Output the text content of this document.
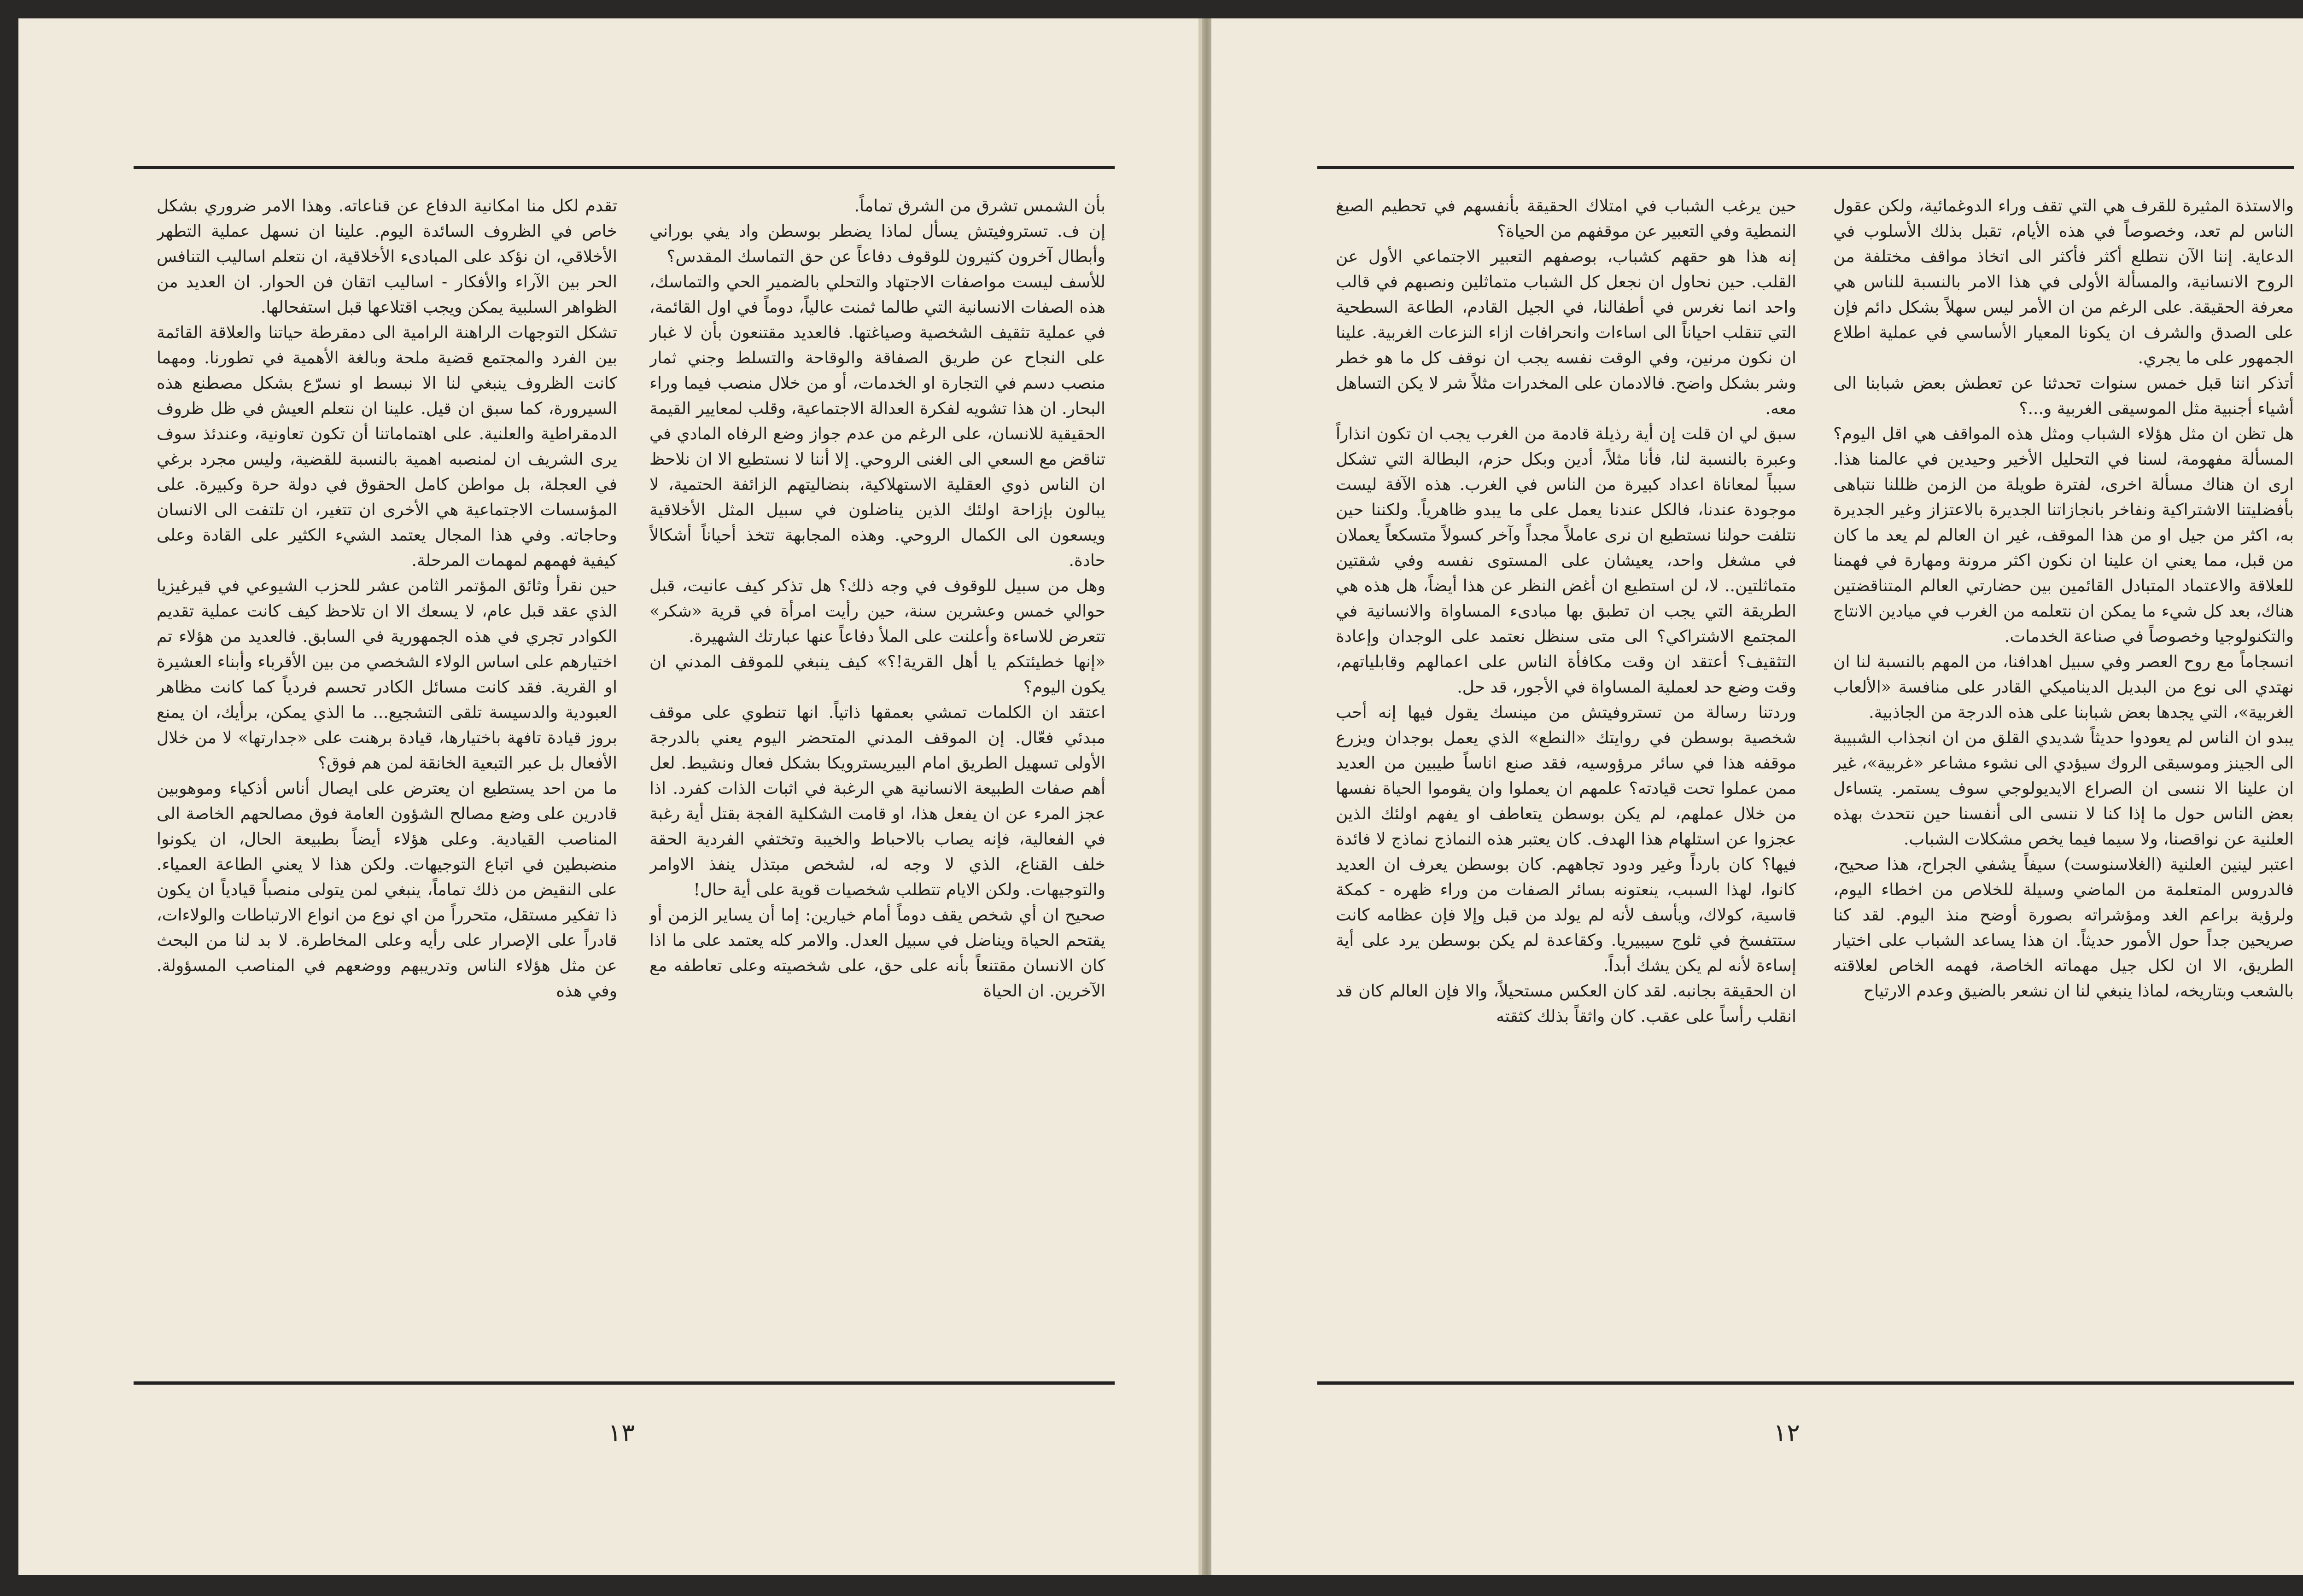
تقدم لكل منا امكانية الدفاع عن قناعاته. وهذا الامر ضروري بشكل خاص في الظروف السائدة اليوم. علينا ان نسهل عملية التطهر الأخلاقي، ان نؤكد على المبادىء الأخلاقية، ان نتعلم اساليب التنافس الحر بين الآراء والأفكار - اساليب اتقان فن الحوار. ان العديد من الظواهر السلبية يمكن ويجب اقتلاعها قبل استفحالها.

تشكل التوجهات الراهنة الرامية الى دمقرطة حياتنا والعلاقة القائمة بين الفرد والمجتمع قضية ملحة وبالغة الأهمية في تطورنا. ومهما كانت الظروف ينبغي لنا الا نبسط او نسرّع بشكل مصطنع هذه السيرورة، كما سبق ان قيل. علينا ان نتعلم العيش في ظل ظروف الدمقراطية والعلنية. على اهتماماتنا أن تكون تعاونية، وعندئذ سوف يرى الشريف ان لمنصبه اهمية بالنسبة للقضية، وليس مجرد برغي في العجلة، بل مواطن كامل الحقوق في دولة حرة وكبيرة. على المؤسسات الاجتماعية هي الأخرى ان تتغير، ان تلتفت الى الانسان وحاجاته. وفي هذا المجال يعتمد الشيء الكثير على القادة وعلى كيفية فهمهم لمهمات المرحلة.

حين نقرأ وثائق المؤتمر الثامن عشر للحزب الشيوعي في قيرغيزيا الذي عقد قبل عام، لا يسعك الا ان تلاحظ كيف كانت عملية تقديم الكوادر تجري في هذه الجمهورية في السابق. فالعديد من هؤلاء تم اختيارهم على اساس الولاء الشخصي من بين الأقرباء وأبناء العشيرة او القرية. فقد كانت مسائل الكادر تحسم فردياً كما كانت مظاهر العبودية والدسيسة تلقى التشجيع... ما الذي يمكن، برأيك، ان يمنع بروز قيادة تافهة باختيارها، قيادة برهنت على «جدارتها» لا من خلال الأفعال بل عبر التبعية الخانقة لمن هم فوق؟

ما من احد يستطيع ان يعترض على ايصال أناس أذكياء وموهوبين قادرين على وضع مصالح الشؤون العامة فوق مصالحهم الخاصة الى المناصب القيادية. وعلى هؤلاء أيضاً بطبيعة الحال، ان يكونوا منضبطين في اتباع التوجيهات. ولكن هذا لا يعني الطاعة العمياء. على النقيض من ذلك تماماً، ينبغي لمن يتولى منصباً قيادياً ان يكون ذا تفكير مستقل، متحرراً من اي نوع من انواع الارتباطات والولاءات، قادراً على الإصرار على رأيه وعلى المخاطرة. لا بد لنا من البحث عن مثل هؤلاء الناس وتدريبهم ووضعهم في المناصب المسؤولة. وفي هذه

بأن الشمس تشرق من الشرق تماماً.

إن ف. تستروفيتش يسأل لماذا يضطر بوسطن واد يفي بوراني وأبطال آخرون كثيرون للوقوف دفاعاً عن حق التماسك المقدس؟

للأسف ليست مواصفات الاجتهاد والتحلي بالضمير الحي والتماسك، هذه الصفات الانسانية التي طالما ثمنت عالياً، دوماً في اول القائمة، في عملية تثقيف الشخصية وصياغتها. فالعديد مقتنعون بأن لا غبار على النجاح عن طريق الصفاقة والوقاحة والتسلط وجني ثمار منصب دسم في التجارة او الخدمات، أو من خلال منصب فيما وراء البحار. ان هذا تشويه لفكرة العدالة الاجتماعية، وقلب لمعايير القيمة الحقيقية للانسان، على الرغم من عدم جواز وضع الرفاه المادي في تناقض مع السعي الى الغنى الروحي. إلا أننا لا نستطيع الا ان نلاحظ ان الناس ذوي العقلية الاستهلاكية، بنضاليتهم الزائفة الحتمية، لا يبالون بإزاحة اولئك الذين يناضلون في سبيل المثل الأخلاقية ويسعون الى الكمال الروحي. وهذه المجابهة تتخذ أحياناً أشكالاً حادة.

وهل من سبيل للوقوف في وجه ذلك؟ هل تذكر كيف عانيت، قبل حوالي خمس وعشرين سنة، حين رأيت امرأة في قرية «شكر» تتعرض للاساءة وأعلنت على الملأ دفاعاً عنها عبارتك الشهيرة.

«إنها خطيئتكم يا أهل القرية!؟» كيف ينبغي للموقف المدني ان يكون اليوم؟

اعتقد ان الكلمات تمشي بعمقها ذاتياً. انها تنطوي على موقف مبدئي فعّال. إن الموقف المدني المتحضر اليوم يعني بالدرجة الأولى تسهيل الطريق امام البيريسترويكا بشكل فعال ونشيط. لعل أهم صفات الطبيعة الانسانية هي الرغبة في اثبات الذات كفرد. اذا عجز المرء عن ان يفعل هذا، او قامت الشكلية الفجة بقتل أية رغبة في الفعالية، فإنه يصاب بالاحباط والخيبة وتختفي الفردية الحقة خلف القناع، الذي لا وجه له، لشخص مبتذل ينفذ الاوامر والتوجيهات. ولكن الايام تتطلب شخصيات قوية على أية حال!

صحيح ان أي شخص يقف دوماً أمام خيارين: إما أن يساير الزمن أو يقتحم الحياة ويناضل في سبيل العدل. والامر كله يعتمد على ما اذا كان الانسان مقتنعاً بأنه على حق، على شخصيته وعلى تعاطفه مع الآخرين. ان الحياة

١٣

والاستذة المثيرة للقرف هي التي تقف وراء الدوغمائية، ولكن عقول الناس لم تعد، وخصوصاً في هذه الأيام، تقبل بذلك الأسلوب في الدعاية. إننا الآن نتطلع أكثر فأكثر الى اتخاذ مواقف مختلفة من الروح الانسانية، والمسألة الأولى في هذا الامر بالنسبة للناس هي معرفة الحقيقة. على الرغم من ان الأمر ليس سهلاً بشكل دائم فإن على الصدق والشرف ان يكونا المعيار الأساسي في عملية اطلاع الجمهور على ما يجري.

أتذكر اننا قبل خمس سنوات تحدثنا عن تعطش بعض شبابنا الى أشياء أجنبية مثل الموسيقى الغربية و...؟

هل تظن ان مثل هؤلاء الشباب ومثل هذه المواقف هي اقل اليوم؟ المسألة مفهومة، لسنا في التحليل الأخير وحيدين في عالمنا هذا. ارى ان هناك مسألة اخرى، لفترة طويلة من الزمن ظللنا نتباهى بأفضليتنا الاشتراكية ونفاخر بانجازاتنا الجديرة بالاعتزاز وغير الجديرة به، اكثر من جيل او من هذا الموقف، غير ان العالم لم يعد ما كان من قبل، مما يعني ان علينا ان نكون اكثر مرونة ومهارة في فهمنا للعلاقة والاعتماد المتبادل القائمين بين حضارتي العالم المتناقضتين هناك، بعد كل شيء ما يمكن ان نتعلمه من الغرب في ميادين الانتاج والتكنولوجيا وخصوصاً في صناعة الخدمات.

انسجاماً مع روح العصر وفي سبيل اهدافنا، من المهم بالنسبة لنا ان نهتدي الى نوع من البديل الديناميكي القادر على منافسة «الألعاب الغربية»، التي يجدها بعض شبابنا على هذه الدرجة من الجاذبية.

يبدو ان الناس لم يعودوا حديثاً شديدي القلق من ان انجذاب الشبيبة الى الجينز وموسيقى الروك سيؤدي الى نشوء مشاعر «غربية»، غير ان علينا الا ننسى ان الصراع الايديولوجي سوف يستمر. يتساءل بعض الناس حول ما إذا كنا لا ننسى الى أنفسنا حين نتحدث بهذه العلنية عن نواقصنا، ولا سيما فيما يخص مشكلات الشباب.

اعتبر لينين العلنية (الغلاسنوست) سيفاً يشفي الجراح، هذا صحيح، فالدروس المتعلمة من الماضي وسيلة للخلاص من اخطاء اليوم، ولرؤية براعم الغد ومؤشراته بصورة أوضح منذ اليوم. لقد كنا صريحين جداً حول الأمور حديثاً. ان هذا يساعد الشباب على اختيار الطريق، الا ان لكل جيل مهماته الخاصة، فهمه الخاص لعلاقته بالشعب وبتاريخه، لماذا ينبغي لنا ان نشعر بالضيق وعدم الارتياح

حين يرغب الشباب في امتلاك الحقيقة بأنفسهم في تحطيم الصيغ النمطية وفي التعبير عن موقفهم من الحياة؟

إنه هذا هو حقهم كشباب، بوصفهم التعبير الاجتماعي الأول عن القلب. حين نحاول ان نجعل كل الشباب متماثلين ونصبهم في قالب واحد انما نغرس في أطفالنا، في الجيل القادم، الطاعة السطحية التي تنقلب احياناً الى اساءات وانحرافات ازاء النزعات الغربية. علينا ان نكون مرنين، وفي الوقت نفسه يجب ان نوقف كل ما هو خطر وشر بشكل واضح. فالادمان على المخدرات مثلاً شر لا يكن التساهل معه.

سبق لي ان قلت إن أية رذيلة قادمة من الغرب يجب ان تكون انذاراً وعبرة بالنسبة لنا، فأنا مثلاً، أدين وبكل حزم، البطالة التي تشكل سبباً لمعاناة اعداد كبيرة من الناس في الغرب. هذه الآفة ليست موجودة عندنا، فالكل عندنا يعمل على ما يبدو ظاهرياً. ولكننا حين نتلفت حولنا نستطيع ان نرى عاملاً مجداً وآخر كسولاً متسكعاً يعملان في مشغل واحد، يعيشان على المستوى نفسه وفي شقتين متماثلتين.. لا، لن استطيع ان أغض النظر عن هذا أيضاً، هل هذه هي الطريقة التي يجب ان تطبق بها مبادىء المساواة والانسانية في المجتمع الاشتراكي؟ الى متى سنظل نعتمد على الوجدان وإعادة التثقيف؟ أعتقد ان وقت مكافأة الناس على اعمالهم وقابلياتهم، وقت وضع حد لعملية المساواة في الأجور، قد حل.

وردتنا رسالة من تستروفيتش من مينسك يقول فيها إنه أحب شخصية بوسطن في روايتك «النطع» الذي يعمل بوجدان ويزرع موقفه هذا في سائر مرؤوسيه، فقد صنع اناساً طيبين من العديد ممن عملوا تحت قيادته؟ علمهم ان يعملوا وان يقوموا الحياة نفسها من خلال عملهم، لم يكن بوسطن يتعاطف او يفهم اولئك الذين عجزوا عن استلهام هذا الهدف. كان يعتبر هذه النماذج نماذج لا فائدة فيها؟ كان بارداً وغير ودود تجاههم. كان بوسطن يعرف ان العديد كانوا، لهذا السبب، ينعتونه بسائر الصفات من وراء ظهره - كمكة قاسية، كولاك، ويأسف لأنه لم يولد من قبل وإلا فإن عظامه كانت ستتفسخ في ثلوج سيبيريا. وكقاعدة لم يكن بوسطن يرد على أية إساءة لأنه لم يكن يشك أبداً.

ان الحقيقة بجانبه. لقد كان العكس مستحيلاً، والا فإن العالم كان قد انقلب رأساً على عقب. كان واثقاً بذلك كثقته

١٢
